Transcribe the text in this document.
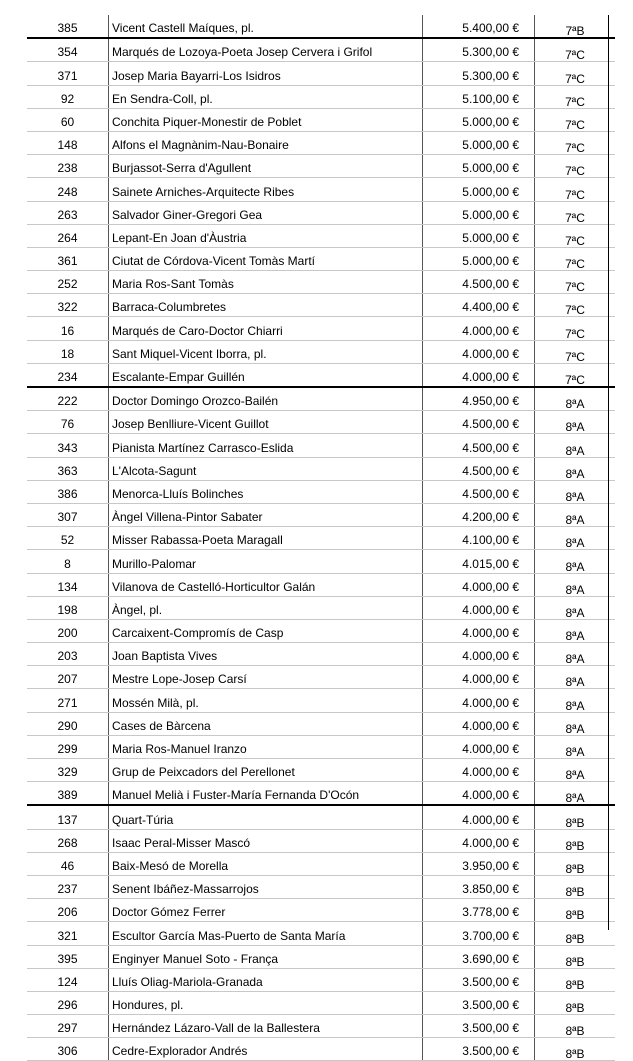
385	Vicent Castell Maíques, pl.	5.400,00 €	7ªB
354	Marqués de Lozoya-Poeta Josep Cervera i Grifol	5.300,00 €	7ªC
371	Josep Maria Bayarri-Los Isidros	5.300,00 €	7ªC
92	En Sendra-Coll, pl.	5.100,00 €	7ªC
60	Conchita Piquer-Monestir de Poblet	5.000,00 €	7ªC
148	Alfons el Magnànim-Nau-Bonaire	5.000,00 €	7ªC
238	Burjassot-Serra d'Agullent	5.000,00 €	7ªC
248	Sainete Arniches-Arquitecte Ribes	5.000,00 €	7ªC
263	Salvador Giner-Gregori Gea	5.000,00 €	7ªC
264	Lepant-En Joan d'Àustria	5.000,00 €	7ªC
361	Ciutat de Córdova-Vicent Tomàs Martí	5.000,00 €	7ªC
252	Maria Ros-Sant Tomàs	4.500,00 €	7ªC
322	Barraca-Columbretes	4.400,00 €	7ªC
16	Marqués de Caro-Doctor Chiarri	4.000,00 €	7ªC
18	Sant Miquel-Vicent Iborra, pl.	4.000,00 €	7ªC
234	Escalante-Empar Guillén	4.000,00 €	7ªC
222	Doctor Domingo Orozco-Bailén	4.950,00 €	8ªA
76	Josep Benlliure-Vicent Guillot	4.500,00 €	8ªA
343	Pianista Martínez Carrasco-Eslida	4.500,00 €	8ªA
363	L'Alcota-Sagunt	4.500,00 €	8ªA
386	Menorca-Lluís Bolinches	4.500,00 €	8ªA
307	Àngel Villena-Pintor Sabater	4.200,00 €	8ªA
52	Misser Rabassa-Poeta Maragall	4.100,00 €	8ªA
8	Murillo-Palomar	4.015,00 €	8ªA
134	Vilanova de Castelló-Horticultor Galán	4.000,00 €	8ªA
198	Àngel, pl.	4.000,00 €	8ªA
200	Carcaixent-Compromís de Casp	4.000,00 €	8ªA
203	Joan Baptista Vives	4.000,00 €	8ªA
207	Mestre Lope-Josep Carsí	4.000,00 €	8ªA
271	Mossén Milà, pl.	4.000,00 €	8ªA
290	Cases de Bàrcena	4.000,00 €	8ªA
299	Maria Ros-Manuel Iranzo	4.000,00 €	8ªA
329	Grup de Peixcadors del Perellonet	4.000,00 €	8ªA
389	Manuel Melià i Fuster-María Fernanda D'Ocón	4.000,00 €	8ªA
137	Quart-Túria	4.000,00 €	8ªB
268	Isaac Peral-Misser Mascó	4.000,00 €	8ªB
46	Baix-Mesó de Morella	3.950,00 €	8ªB
237	Senent Ibáñez-Massarrojos	3.850,00 €	8ªB
206	Doctor Gómez Ferrer	3.778,00 €	8ªB
321	Escultor García Mas-Puerto de Santa María	3.700,00 €	8ªB
395	Enginyer Manuel Soto - França	3.690,00 €	8ªB
124	Lluís Oliag-Mariola-Granada	3.500,00 €	8ªB
296	Hondures, pl.	3.500,00 €	8ªB
297	Hernández Lázaro-Vall de la Ballestera	3.500,00 €	8ªB
306	Cedre-Explorador Andrés	3.500,00 €	8ªB
